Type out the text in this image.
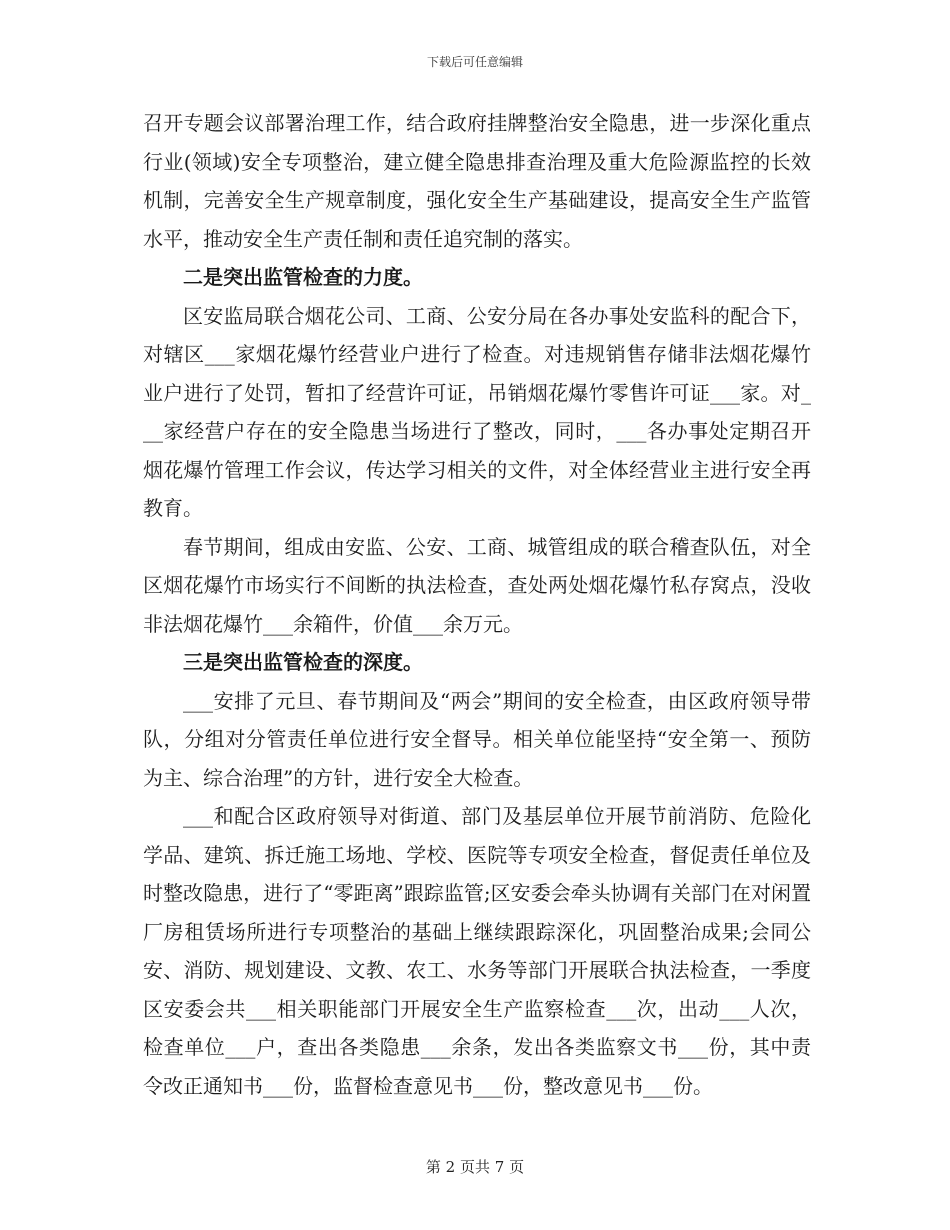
下载后可任意编辑

召开专题会议部署治理工作，结合政府挂牌整治安全隐患，进一步深化重点行业(领域)安全专项整治，建立健全隐患排查治理及重大危险源监控的长效机制，完善安全生产规章制度，强化安全生产基础建设，提高安全生产监管水平，推动安全生产责任制和责任追究制的落实。

二是突出监管检查的力度。

区安监局联合烟花公司、工商、公安分局在各办事处安监科的配合下，对辖区___家烟花爆竹经营业户进行了检查。对违规销售存储非法烟花爆竹业户进行了处罚，暂扣了经营许可证，吊销烟花爆竹零售许可证___家。对___家经营户存在的安全隐患当场进行了整改，同时，___各办事处定期召开烟花爆竹管理工作会议，传达学习相关的文件，对全体经营业主进行安全再教育。

春节期间，组成由安监、公安、工商、城管组成的联合稽查队伍，对全区烟花爆竹市场实行不间断的执法检查，查处两处烟花爆竹私存窝点，没收非法烟花爆竹___余箱件，价值___余万元。

三是突出监管检查的深度。

___安排了元旦、春节期间及“两会”期间的安全检查，由区政府领导带队，分组对分管责任单位进行安全督导。相关单位能坚持“安全第一、预防为主、综合治理”的方针，进行安全大检查。

___和配合区政府领导对街道、部门及基层单位开展节前消防、危险化学品、建筑、拆迁施工场地、学校、医院等专项安全检查，督促责任单位及时整改隐患，进行了“零距离”跟踪监管;区安委会牵头协调有关部门在对闲置厂房租赁场所进行专项整治的基础上继续跟踪深化，巩固整治成果;会同公安、消防、规划建设、文教、农工、水务等部门开展联合执法检查，一季度区安委会共___相关职能部门开展安全生产监察检查___次，出动___人次，检查单位___户，查出各类隐患___余条，发出各类监察文书___份，其中责令改正通知书___份，监督检查意见书___份，整改意见书___份。

第 2 页共 7 页
